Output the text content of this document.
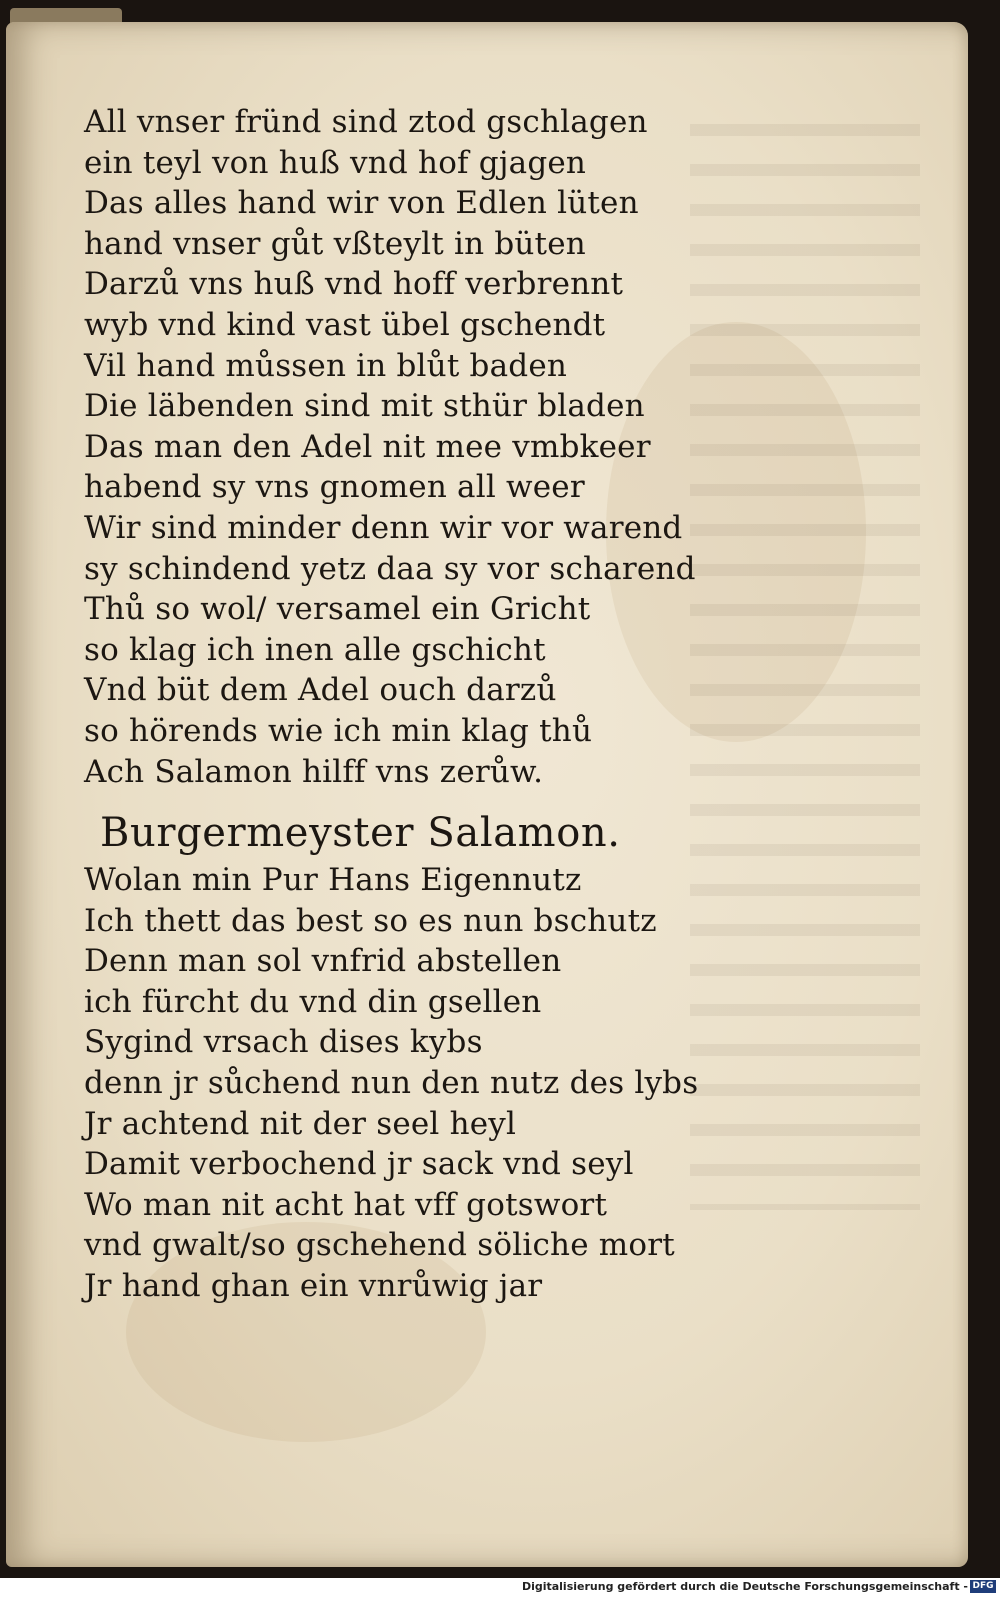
All vnser fründ sind ztod gschlagen
ein teyl von huß vnd hof gjagen
Das alles hand wir von Edlen lüten
hand vnser gůt vßteylt in büten
Darzů vns huß vnd hoff verbrennt
wyb vnd kind vast übel gschendt
Vil hand můssen in blůt baden
Die läbenden sind mit sthür bladen
Das man den Adel nit mee vmbkeer
habend sy vns gnomen all weer
Wir sind minder denn wir vor warend
sy schindend yetz daa sy vor scharend
Thů so wol/ versamel ein Gricht
so klag ich inen alle gschicht
Vnd büt dem Adel ouch darzů
so hörends wie ich min klag thů
Ach Salamon hilff vns zerůw.
Burgermeyster Salamon.
Wolan min Pur Hans Eigennutz
Ich thett das best so es nun bschutz
Denn man sol vnfrid abstellen
ich fürcht du vnd din gsellen
Sygind vrsach dises kybs
denn jr sůchend nun den nutz des lybs
Jr achtend nit der seel heyl
Damit verbochend jr sack vnd seyl
Wo man nit acht hat vff gotswort
vnd gwalt/so gschehend söliche mort
Jr hand ghan ein vnrůwig jar
Digitalisierung gefördert durch die Deutsche Forschungsgemeinschaft - DFG
